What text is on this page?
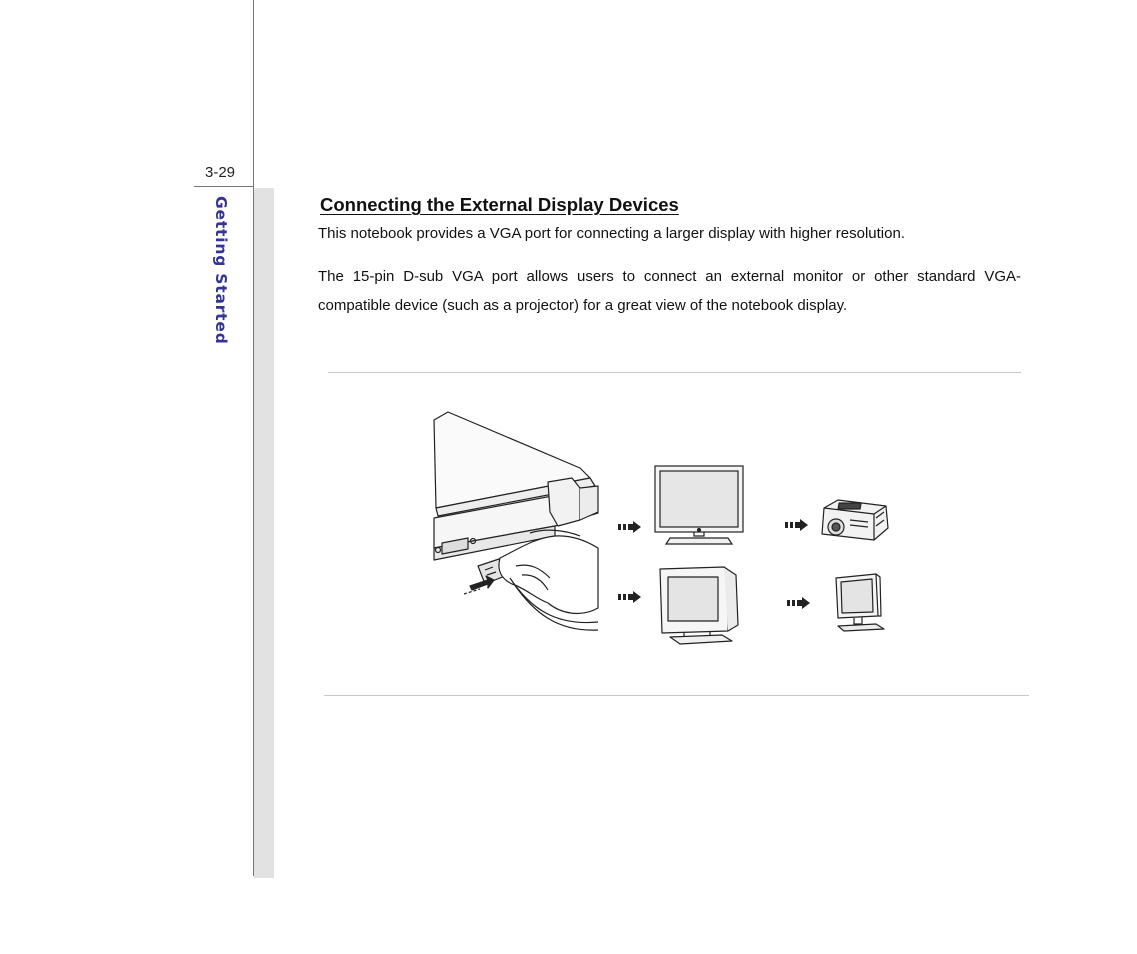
3-29
Getting Started	Connecting the External Display Devices
This notebook provides a VGA port for connecting a larger display with higher resolution.
The 15-pin D-sub VGA port allows users to connect an external monitor or other standard VGA-compatible device (such as a projector) for a great view of the notebook display.
